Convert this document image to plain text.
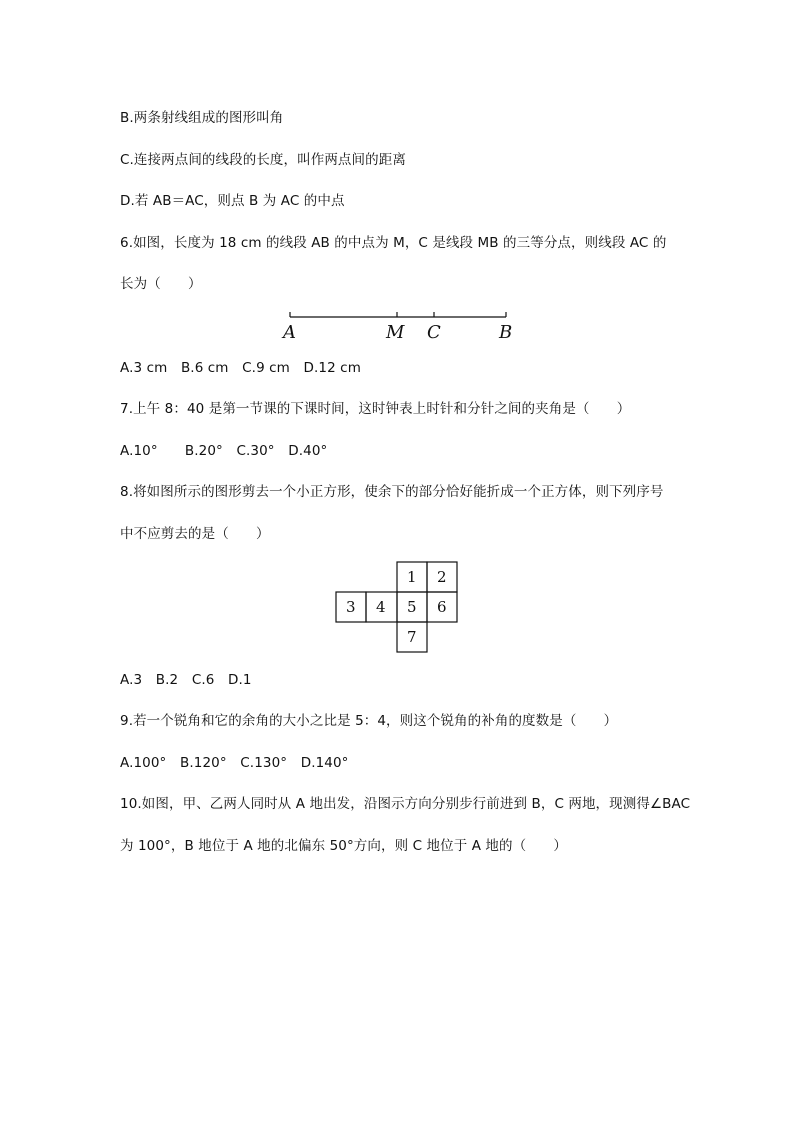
B.两条射线组成的图形叫角
C.连接两点间的线段的长度，叫作两点间的距离
D.若 AB＝AC，则点 B 为 AC 的中点
6.如图，长度为 18 cm 的线段 AB 的中点为 M，C 是线段 MB 的三等分点，则线段 AC 的
长为（　　）
A	M C	B
A.3 cm　B.6 cm　C.9 cm　D.12 cm
7.上午 8：40 是第一节课的下课时间，这时钟表上时针和分针之间的夹角是（　　）
A.10°　　B.20°　C.30°　D.40°
8.将如图所示的图形剪去一个小正方形，使余下的部分恰好能折成一个正方体，则下列序号
中不应剪去的是（　　）
1 2
3 4 5 6
7
A.3　B.2　C.6　D.1
9.若一个锐角和它的余角的大小之比是 5：4，则这个锐角的补角的度数是（　　）
A.100°　B.120°　C.130°　D.140°
10.如图，甲、乙两人同时从 A 地出发，沿图示方向分别步行前进到 B，C 两地，现测得∠BAC
为 100°，B 地位于 A 地的北偏东 50°方向，则 C 地位于 A 地的（　　）
